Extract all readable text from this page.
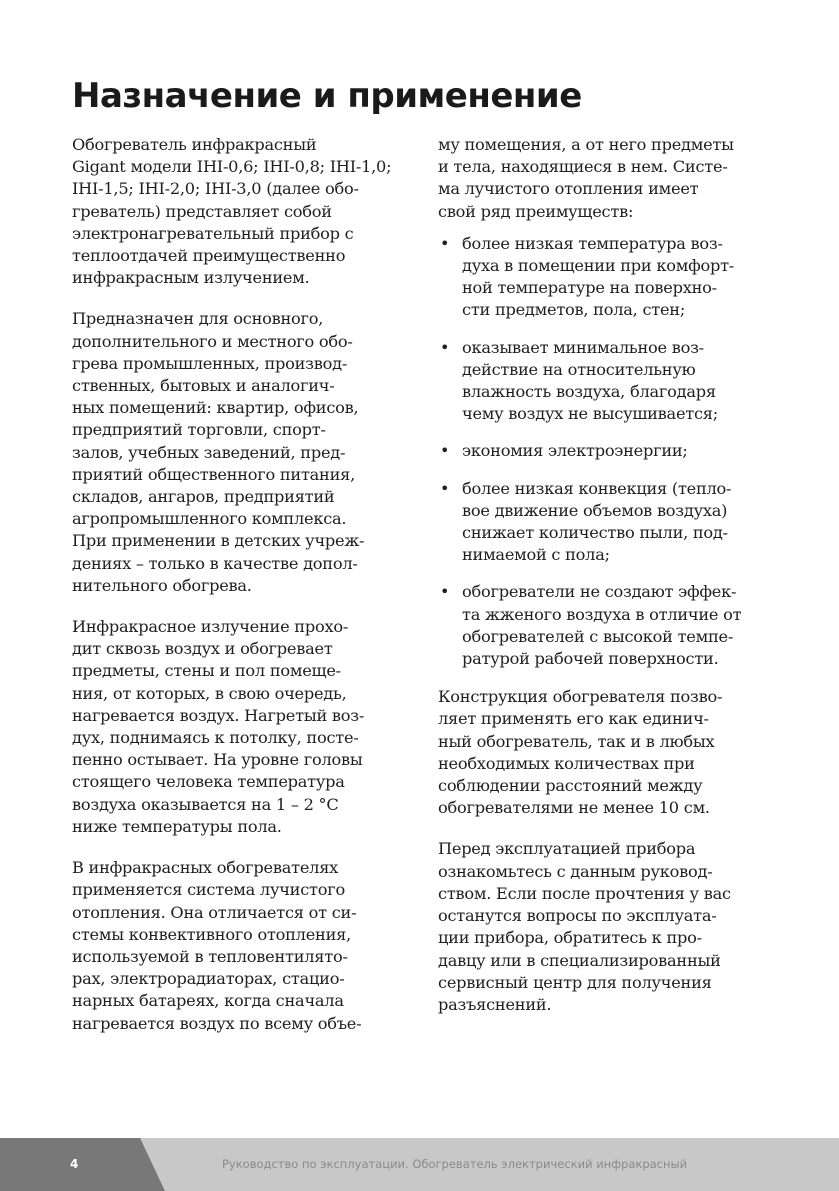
Назначение и применение

Обогреватель инфракрасный
Gigant модели IHI-0,6; IHI-0,8; IHI-1,0;
IHI-1,5; IHI-2,0; IHI-3,0 (далее обо-
греватель) представляет собой
электронагревательный прибор с
теплоотдачей преимущественно
инфракрасным излучением.

Предназначен для основного,
дополнительного и местного обо-
грева промышленных, производ-
ственных, бытовых и аналогич-
ных помещений: квартир, офисов,
предприятий торговли, спорт-
залов, учебных заведений, пред-
приятий общественного питания,
складов, ангаров, предприятий
агропромышленного комплекса.
При применении в детских учреж-
дениях – только в качестве допол-
нительного обогрева.

Инфракрасное излучение прохо-
дит сквозь воздух и обогревает
предметы, стены и пол помеще-
ния, от которых, в свою очередь,
нагревается воздух. Нагретый воз-
дух, поднимаясь к потолку, посте-
пенно остывает. На уровне головы
стоящего человека температура
воздуха оказывается на 1 – 2 °C
ниже температуры пола.

В инфракрасных обогревателях
применяется система лучистого
отопления. Она отличается от си-
стемы конвективного отопления,
используемой в тепловентилято-
рах, электрорадиаторах, стацио-
нарных батареях, когда сначала
нагревается воздух по всему объе-

му помещения, а от него предметы
и тела, находящиеся в нем. Систе-
ма лучистого отопления имеет
свой ряд преимуществ:

• более низкая температура воз-
духа в помещении при комфорт-
ной температуре на поверхно-
сти предметов, пола, стен;
• оказывает минимальное воз-
действие на относительную
влажность воздуха, благодаря
чему воздух не высушивается;
• экономия электроэнергии;
• более низкая конвекция (тепло-
вое движение объемов воздуха)
снижает количество пыли, под-
нимаемой с пола;
• обогреватели не создают эффек-
та жженого воздуха в отличие от
обогревателей с высокой темпе-
ратурой рабочей поверхности.

Конструкция обогревателя позво-
ляет применять его как единич-
ный обогреватель, так и в любых
необходимых количествах при
соблюдении расстояний между
обогревателями не менее 10 см.

Перед эксплуатацией прибора
ознакомьтесь с данным руковод-
ством. Если после прочтения у вас
останутся вопросы по эксплуата-
ции прибора, обратитесь к про-
давцу или в специализированный
сервисный центр для получения
разъяснений.

4	Руководство по эксплуатации. Обогреватель электрический инфракрасный
